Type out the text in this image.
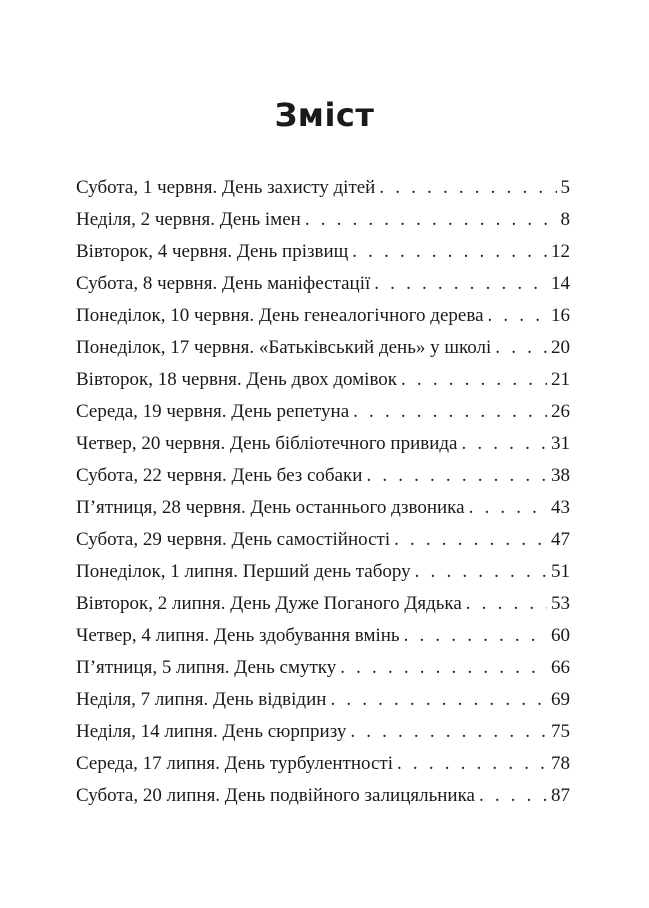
Зміст
Субота, 1 червня. День захисту дітей . . .	5
Неділя, 2 червня. День імен . . .	8
Вівторок, 4 червня. День прізвищ . . .	12
Субота, 8 червня. День маніфестації . . .	14
Понеділок, 10 червня. День генеалогічного дерева . . .	16
Понеділок, 17 червня. «Батьківський день» у школі . . .	20
Вівторок, 18 червня. День двох домівок . . .	21
Середа, 19 червня. День репетуна . . .	26
Четвер, 20 червня. День бібліотечного привида . . .	31
Субота, 22 червня. День без собаки . . .	38
П’ятниця, 28 червня. День останнього дзвоника . . .	43
Субота, 29 червня. День самостійності . . .	47
Понеділок, 1 липня. Перший день табору . . .	51
Вівторок, 2 липня. День Дуже Поганого Дядька . . .	53
Четвер, 4 липня. День здобування вмінь . . .	60
П’ятниця, 5 липня. День смутку . . .	66
Неділя, 7 липня. День відвідин . . .	69
Неділя, 14 липня. День сюрпризу . . .	75
Середа, 17 липня. День турбулентності . . .	78
Субота, 20 липня. День подвійного залицяльника . . .	87
